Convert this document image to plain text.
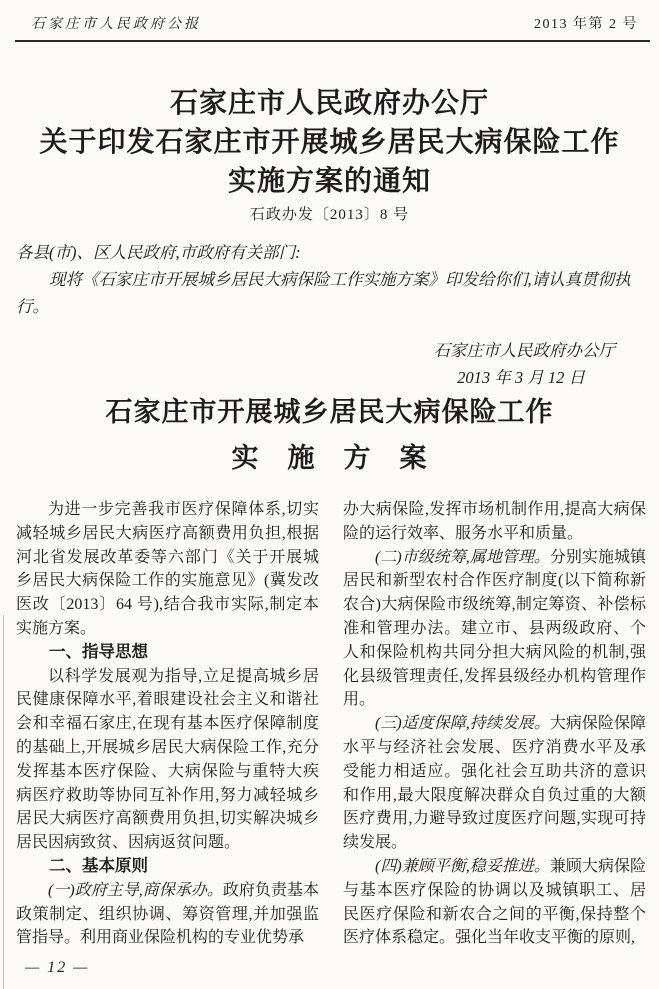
石家庄市人民政府公报	2013 年第 2 号
石家庄市人民政府办公厅
关于印发石家庄市开展城乡居民大病保险工作
实施方案的通知
石政办发〔2013〕8 号

各县(市)、区人民政府,市政府有关部门:

现将《石家庄市开展城乡居民大病保险工作实施方案》印发给你们,请认真贯彻执行。

石家庄市人民政府办公厅
2013 年 3 月 12 日
石家庄市开展城乡居民大病保险工作
实　施　方　案

为进一步完善我市医疗保障体系,切实减轻城乡居民大病医疗高额费用负担,根据河北省发展改革委等六部门《关于开展城乡居民大病保险工作的实施意见》(冀发改医改〔2013〕64 号),结合我市实际,制定本实施方案。

一、指导思想

以科学发展观为指导,立足提高城乡居民健康保障水平,着眼建设社会主义和谐社会和幸福石家庄,在现有基本医疗保障制度的基础上,开展城乡居民大病保险工作,充分发挥基本医疗保险、大病保险与重特大疾病医疗救助等协同互补作用,努力减轻城乡居民大病医疗高额费用负担,切实解决城乡居民因病致贫、因病返贫问题。

二、基本原则

(一)政府主导,商保承办。政府负责基本政策制定、组织协调、筹资管理,并加强监管指导。利用商业保险机构的专业优势承

办大病保险,发挥市场机制作用,提高大病保险的运行效率、服务水平和质量。

(二)市级统筹,属地管理。分别实施城镇居民和新型农村合作医疗制度(以下简称新农合)大病保险市级统筹,制定筹资、补偿标准和管理办法。建立市、县两级政府、个人和保险机构共同分担大病风险的机制,强化县级管理责任,发挥县级经办机构管理作用。

(三)适度保障,持续发展。大病保险保障水平与经济社会发展、医疗消费水平及承受能力相适应。强化社会互助共济的意识和作用,最大限度解决群众自负过重的大额医疗费用,力避导致过度医疗问题,实现可持续发展。

(四)兼顾平衡,稳妥推进。兼顾大病保险与基本医疗保险的协调以及城镇职工、居民医疗保险和新农合之间的平衡,保持整个医疗体系稳定。强化当年收支平衡的原则,

— 12 —
